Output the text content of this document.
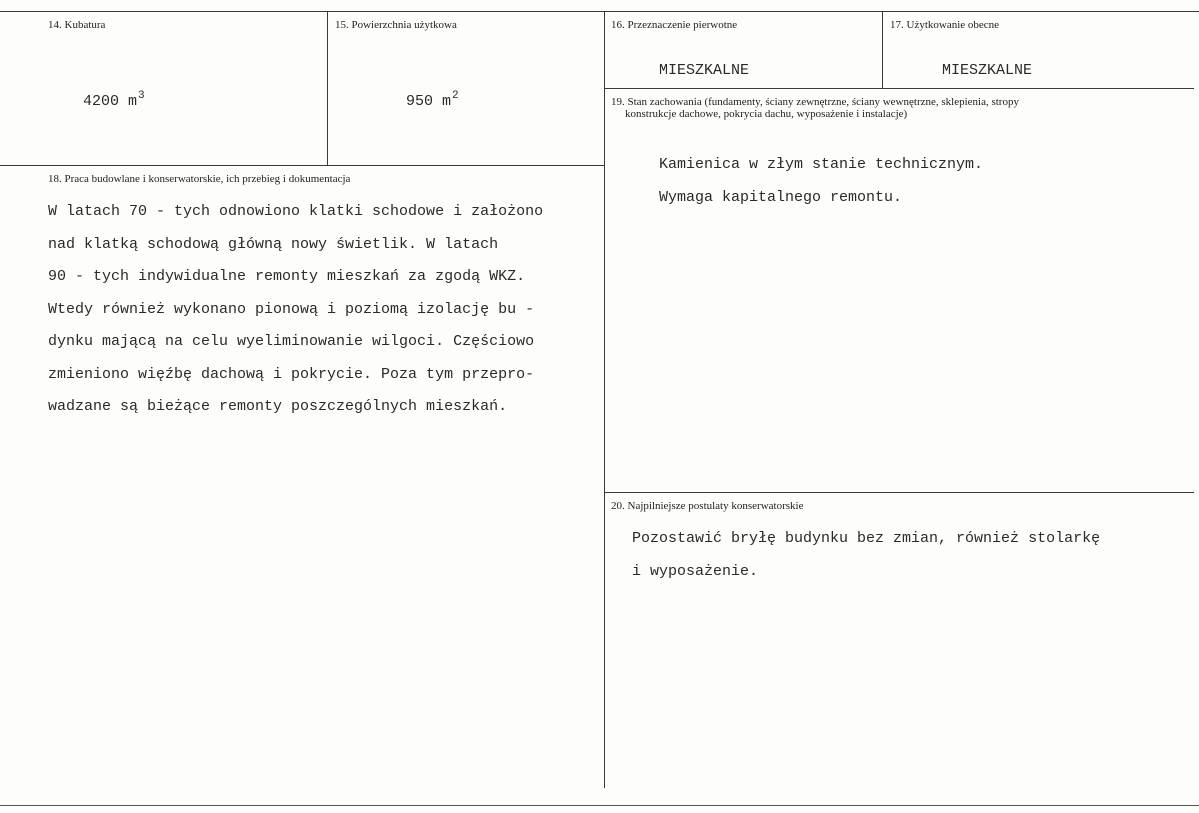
14. Kubatura
4200 $m^3$
15. Powierzchnia użytkowa
950 $m^2$
16. Przeznaczenie pierwotne
MIESZKALNE
17. Użytkowanie obecne
MIESZKALNE
19. Stan zachowania (fundamenty, ściany zewnętrzne, ściany wewnętrzne, sklepienia, stropy
konstrukcje dachowe, pokrycia dachu, wyposażenie i instalacje)
Kamienica w złym stanie technicznym.
Wymaga kapitalnego remontu.
18. Praca budowlane i konserwatorskie, ich przebieg i dokumentacja
W latach 70 - tych odnowiono klatki schodowe i założono
nad klatką schodową główną nowy świetlik. W latach
90 - tych indywidualne remonty mieszkań za zgodą WKZ.
Wtedy również wykonano pionową i poziomą izolację bu -
dynku mającą na celu wyeliminowanie wilgoci. Częściowo
zmieniono więźbę dachową i pokrycie. Poza tym przepro-
wadzane są bieżące remonty poszczególnych mieszkań.
20. Najpilniejsze postulaty konserwatorskie
Pozostawić bryłę budynku bez zmian, również stolarkę
i wyposażenie.
